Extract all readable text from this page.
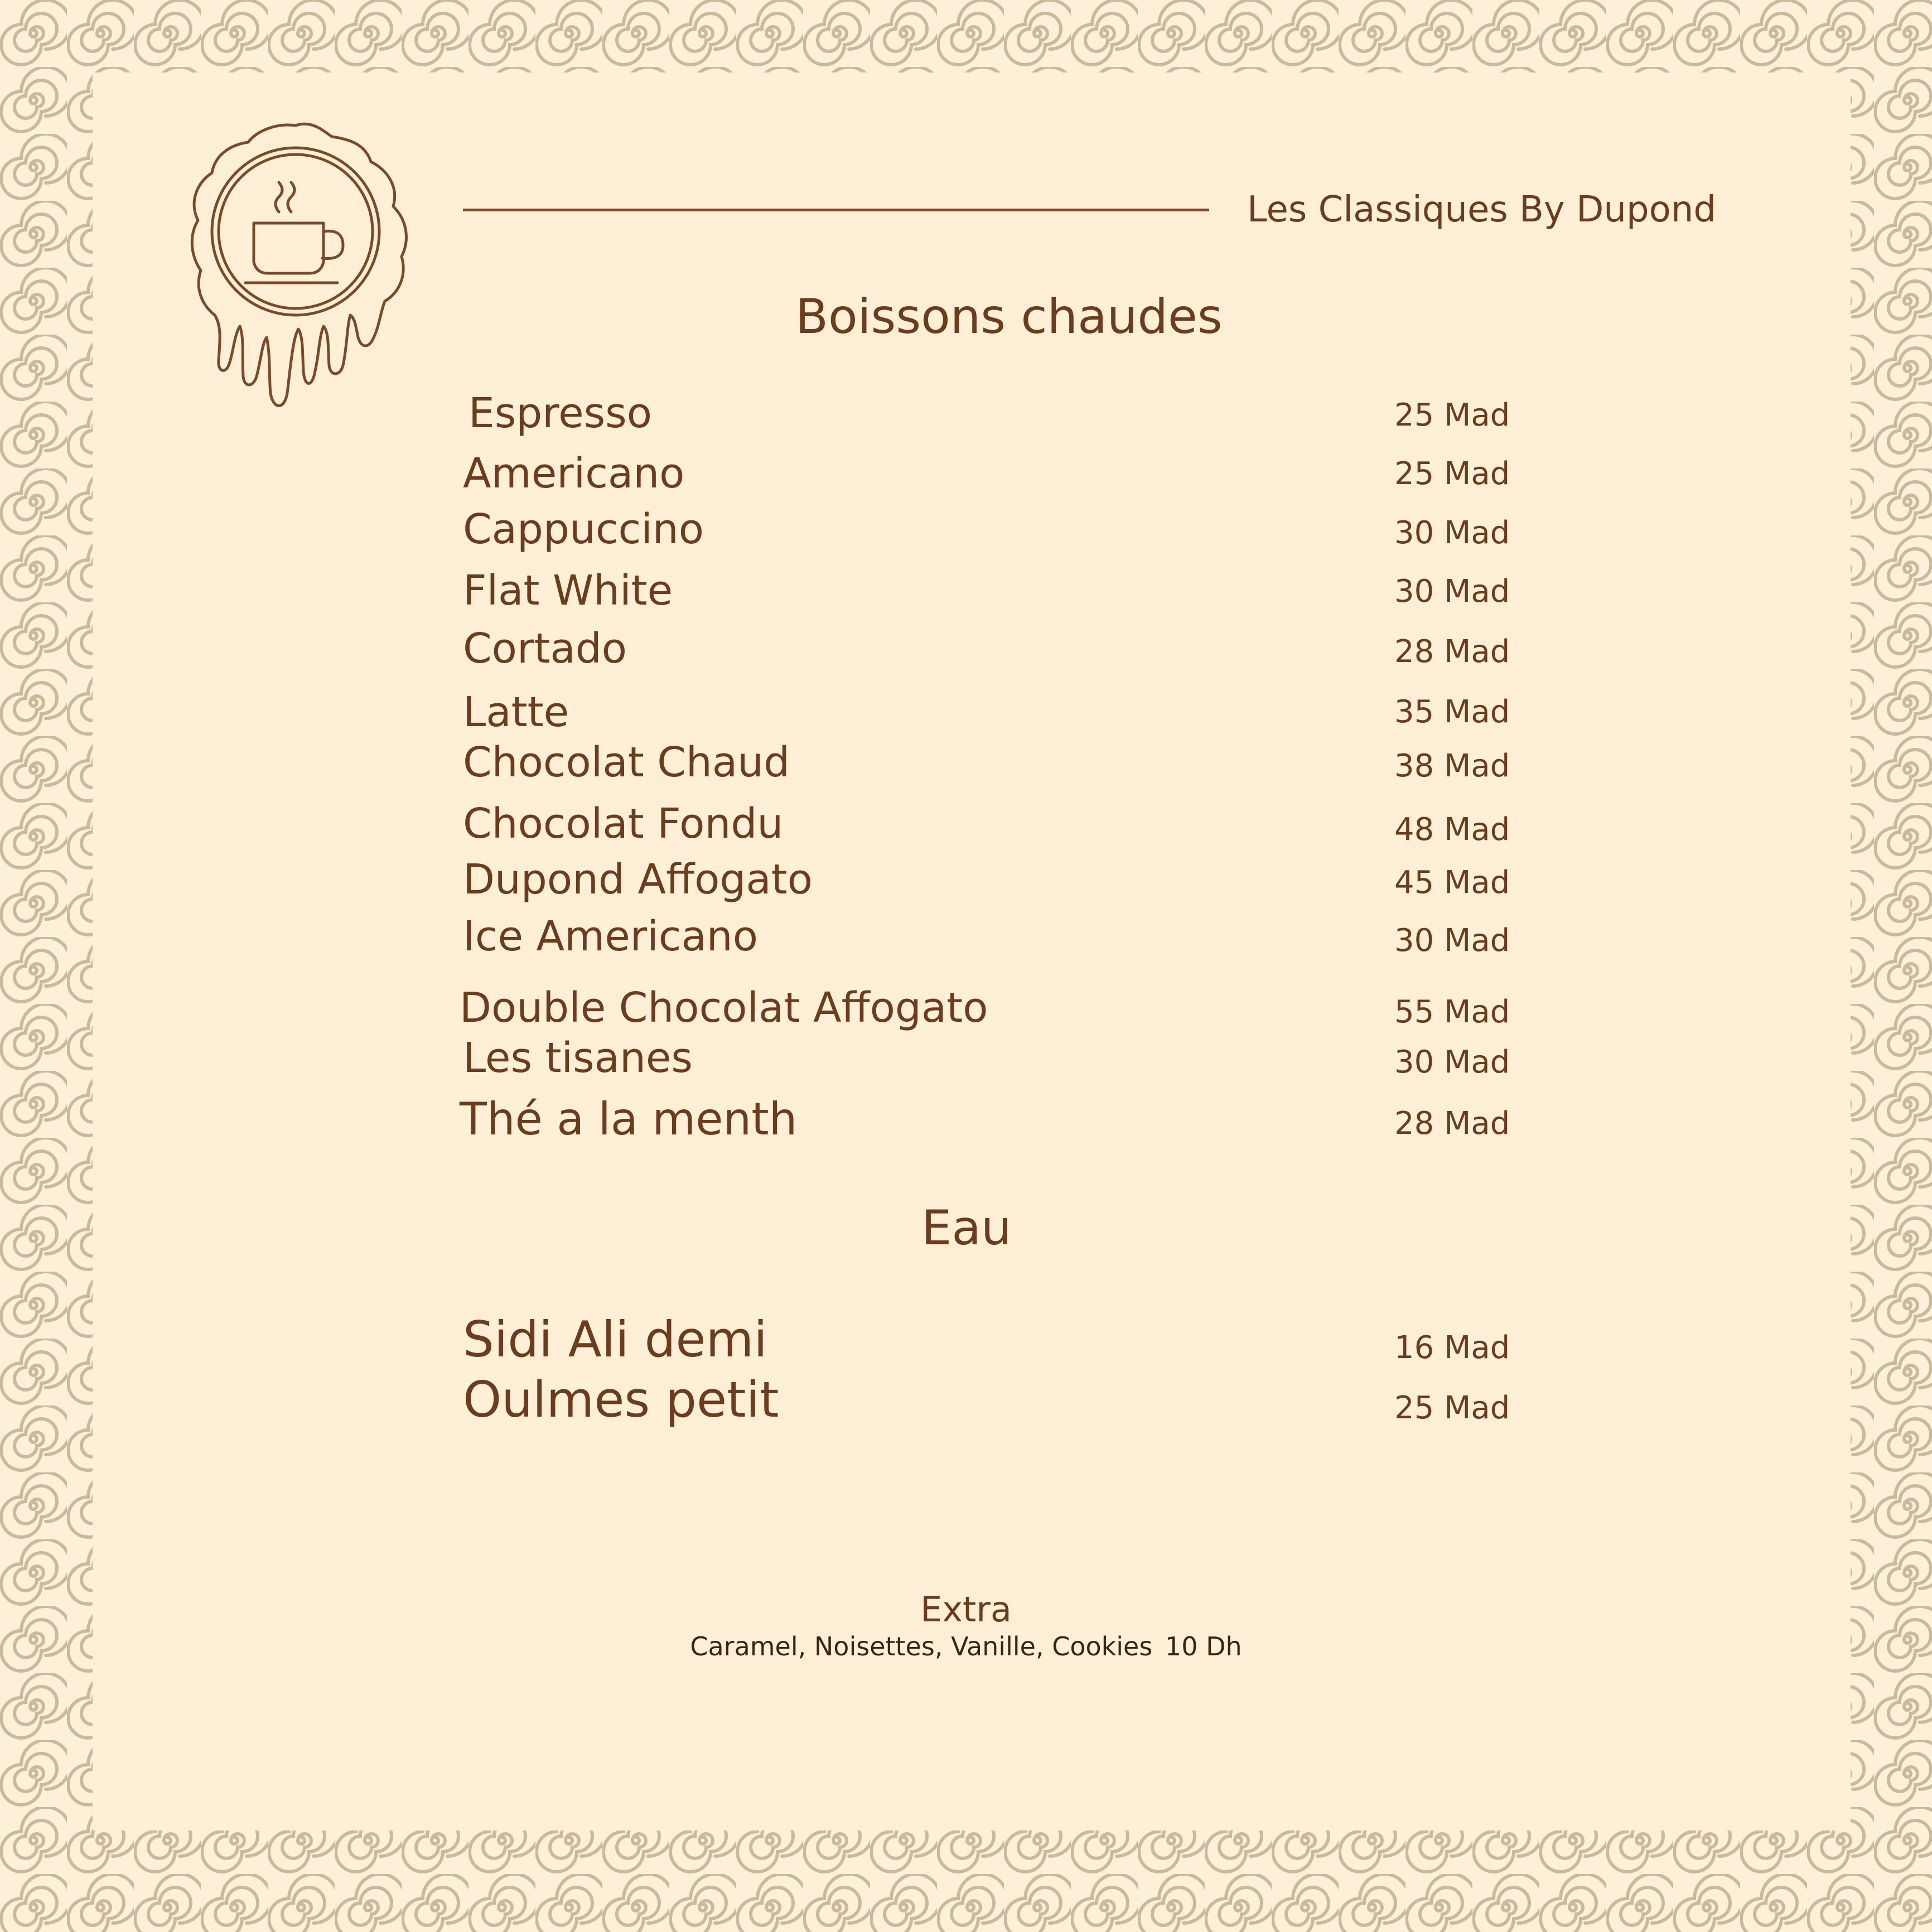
Les Classiques By Dupond
Boissons chaudes
Espresso	25 Mad
Americano	25 Mad
Cappuccino	30 Mad
Flat White	30 Mad
Cortado	28 Mad
Latte	35 Mad
Chocolat Chaud	38 Mad
Chocolat Fondu	48 Mad
Dupond Affogato	45 Mad
Ice Americano	30 Mad
Double Chocolat Affogato	55 Mad
Les tisanes	30 Mad
Thé a la menth	28 Mad
Eau
Sidi Ali demi	16 Mad
Oulmes petit	25 Mad
Extra
Caramel, Noisettes, Vanille, Cookies 10 Dh
